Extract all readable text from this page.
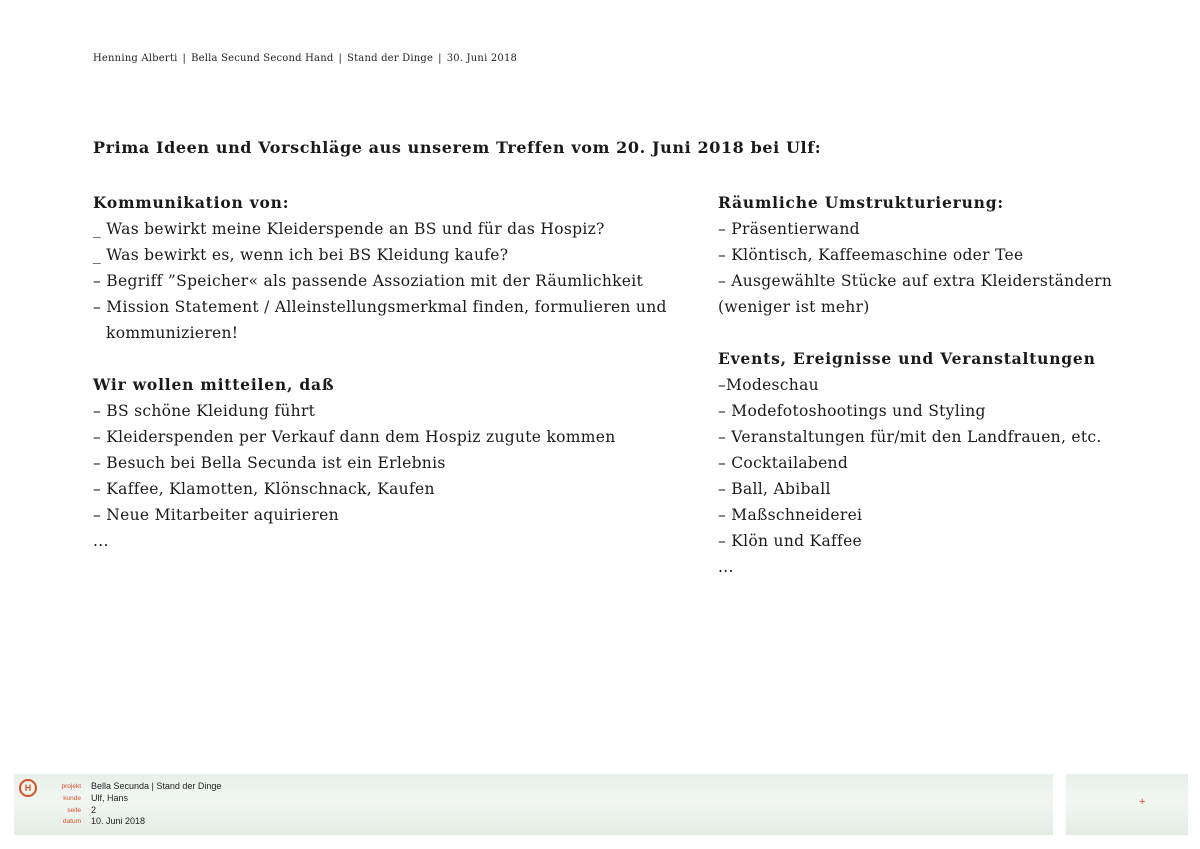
Henning Alberti | Bella Secund Second Hand | Stand der Dinge | 30. Juni 2018
Prima Ideen und Vorschläge aus unserem Treffen vom 20. Juni 2018 bei Ulf:

Kommunikation von:

_ Was bewirkt meine Kleiderspende an BS und für das Hospiz?

_ Was bewirkt es, wenn ich bei BS Kleidung kaufe?

– Begriff ”Speicher« als passende Assoziation mit der Räumlichkeit

– Mission Statement / Alleinstellungsmerkmal finden, formulieren und kommunizieren!

Wir wollen mitteilen, daß

– BS schöne Kleidung führt

– Kleiderspenden per Verkauf dann dem Hospiz zugute kommen

– Besuch bei Bella Secunda ist ein Erlebnis

– Kaffee, Klamotten, Klönschnack, Kaufen

– Neue Mitarbeiter aquirieren

...

Räumliche Umstrukturierung:

– Präsentierwand

– Klöntisch, Kaffeemaschine oder Tee

– Ausgewählte Stücke auf extra Kleiderständern (weniger ist mehr)

Events, Ereignisse und Veranstaltungen

–Modeschau

– Modefotoshootings und Styling

– Veranstaltungen für/mit den Landfrauen, etc.

– Cocktailabend

– Ball, Abiball

– Maßschneiderei

– Klön und Kaffee

...

H	projekt Bella Secunda | Stand der Dinge
kunde Ulf, Hans
seite 2
datum 10. Juni 2018
+
